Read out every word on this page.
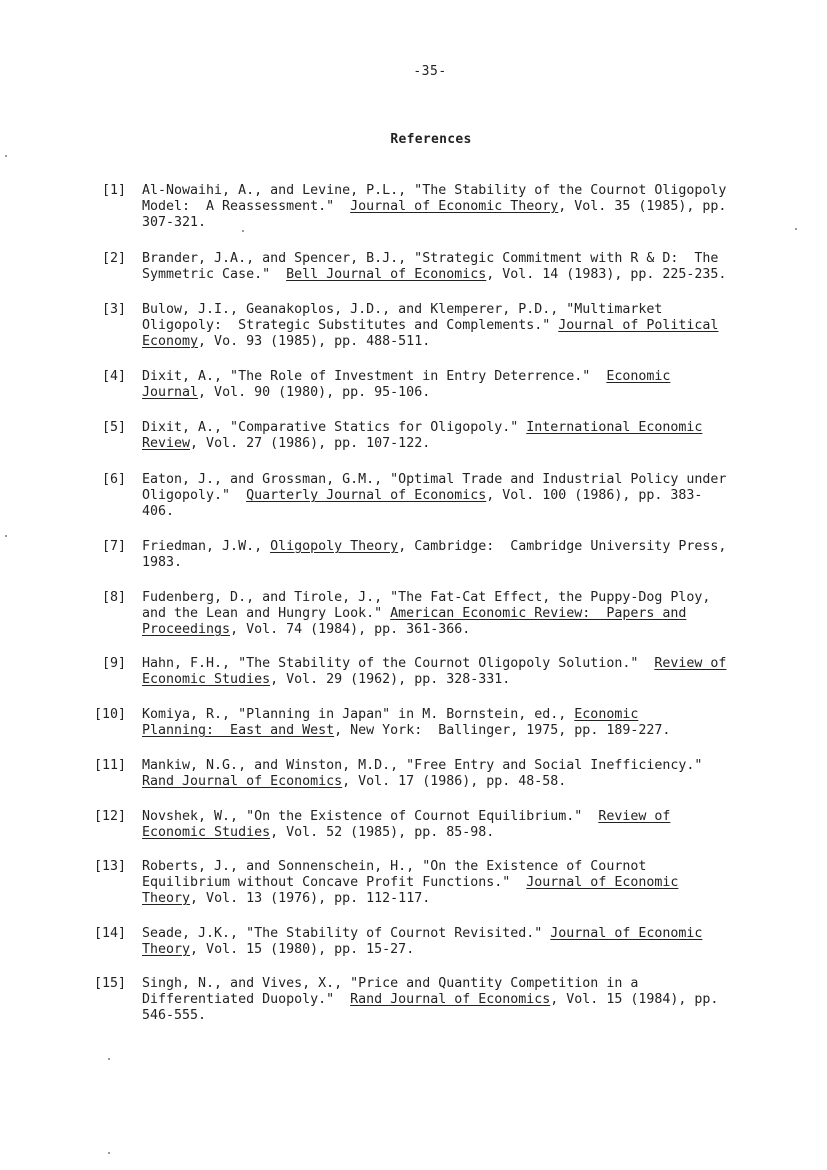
-35-
References
[1] Al-Nowaihi, A., and Levine, P.L., "The Stability of the Cournot Oligopoly
Model:  A Reassessment."  Journal of Economic Theory, Vol. 35 (1985), pp.
307-321.
[2] Brander, J.A., and Spencer, B.J., "Strategic Commitment with R & D:  The
Symmetric Case."  Bell Journal of Economics, Vol. 14 (1983), pp. 225-235.
[3] Bulow, J.I., Geanakoplos, J.D., and Klemperer, P.D., "Multimarket
Oligopoly:  Strategic Substitutes and Complements." Journal of Political
Economy, Vo. 93 (1985), pp. 488-511.
[4] Dixit, A., "The Role of Investment in Entry Deterrence."  Economic
Journal, Vol. 90 (1980), pp. 95-106.
[5] Dixit, A., "Comparative Statics for Oligopoly." International Economic
Review, Vol. 27 (1986), pp. 107-122.
[6] Eaton, J., and Grossman, G.M., "Optimal Trade and Industrial Policy under
Oligopoly."  Quarterly Journal of Economics, Vol. 100 (1986), pp. 383-
406.
[7] Friedman, J.W., Oligopoly Theory, Cambridge:  Cambridge University Press,
1983.
[8] Fudenberg, D., and Tirole, J., "The Fat-Cat Effect, the Puppy-Dog Ploy,
and the Lean and Hungry Look." American Economic Review:  Papers and
Proceedings, Vol. 74 (1984), pp. 361-366.
[9] Hahn, F.H., "The Stability of the Cournot Oligopoly Solution."  Review of
Economic Studies, Vol. 29 (1962), pp. 328-331.
[10] Komiya, R., "Planning in Japan" in M. Bornstein, ed., Economic
Planning:  East and West, New York:  Ballinger, 1975, pp. 189-227.
[11] Mankiw, N.G., and Winston, M.D., "Free Entry and Social Inefficiency."
Rand Journal of Economics, Vol. 17 (1986), pp. 48-58.
[12] Novshek, W., "On the Existence of Cournot Equilibrium."  Review of
Economic Studies, Vol. 52 (1985), pp. 85-98.
[13] Roberts, J., and Sonnenschein, H., "On the Existence of Cournot
Equilibrium without Concave Profit Functions."  Journal of Economic
Theory, Vol. 13 (1976), pp. 112-117.
[14] Seade, J.K., "The Stability of Cournot Revisited." Journal of Economic
Theory, Vol. 15 (1980), pp. 15-27.
[15] Singh, N., and Vives, X., "Price and Quantity Competition in a
Differentiated Duopoly."  Rand Journal of Economics, Vol. 15 (1984), pp.
546-555.
